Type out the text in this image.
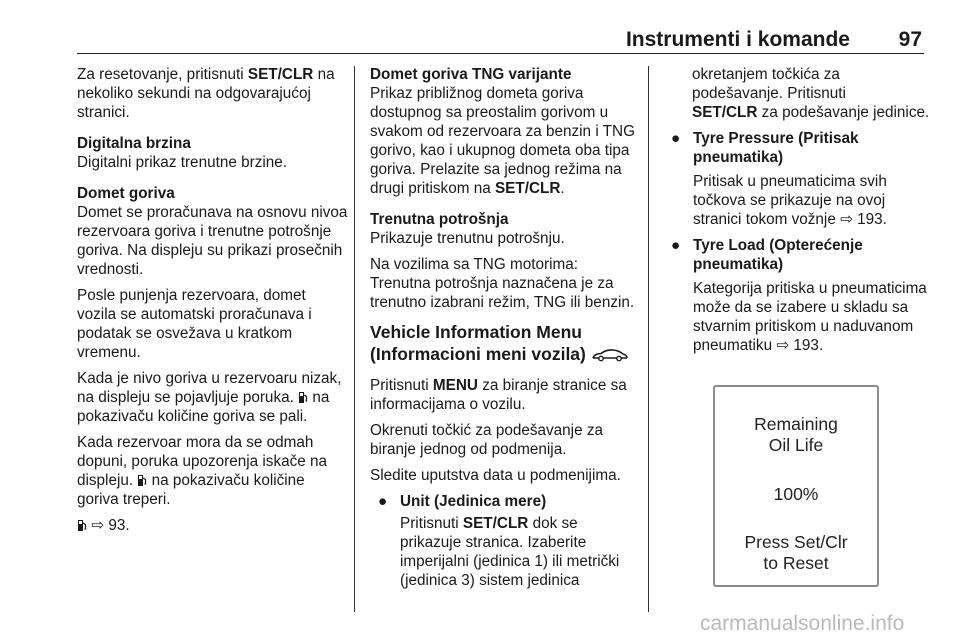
Instrumenti i komande 97

Za resetovanje, pritisnuti SET/CLR na nekoliko sekundi na odgovarajućoj stranici.

Digitalna brzina

Digitalni prikaz trenutne brzine.

Domet goriva

Domet se proračunava na osnovu nivoa rezervoara goriva i trenutne potrošnje goriva. Na displeju su prikazi prosečnih vrednosti.

Posle punjenja rezervoara, domet vozila se automatski proračunava i podatak se osvežava u kratkom vremenu.

Kada je nivo goriva u rezervoaru nizak, na displeju se pojavljuje poruka.  na pokazivaču količine goriva se pali.

Kada rezervoar mora da se odmah dopuni, poruka upozorenja iskače na displeju.  na pokazivaču količine goriva treperi.

⇨ 93.

Domet goriva TNG varijante

Prikaz približnog dometa goriva dostupnog sa preostalim gorivom u svakom od rezervoara za benzin i TNG gorivo, kao i ukupnog dometa oba tipa goriva. Prelazite sa jednog režima na drugi pritiskom na SET/CLR.

Trenutna potrošnja

Prikazuje trenutnu potrošnju.

Na vozilima sa TNG motorima: Trenutna potrošnja naznačena je za trenutno izabrani režim, TNG ili benzin.

Vehicle Information Menu (Informacioni meni vozila)

Pritisnuti MENU za biranje stranice sa informacijama o vozilu.

Okrenuti točkić za podešavanje za biranje jednog od podmenija.

Sledite uputstva data u podmenijima.

● Unit (Jedinica mere)

Pritisnuti SET/CLR dok se prikazuje stranica. Izaberite imperijalni (jedinica 1) ili metrički (jedinica 3) sistem jedinica

okretanjem točkića za podešavanje. Pritisnuti
SET/CLR za podešavanje jedinice.

● Tyre Pressure (Pritisak pneumatika)

Pritisak u pneumaticima svih točkova se prikazuje na ovoj stranici tokom vožnje ⇨ 193.

● Tyre Load (Opterećenje pneumatika)

Kategorija pritiska u pneumaticima može da se izabere u skladu sa stvarnim pritiskom u naduvanom pneumatiku ⇨ 193.

Remaining
Oil Life
100%
Press Set/Clr
to Reset
carmanualsonline.info
